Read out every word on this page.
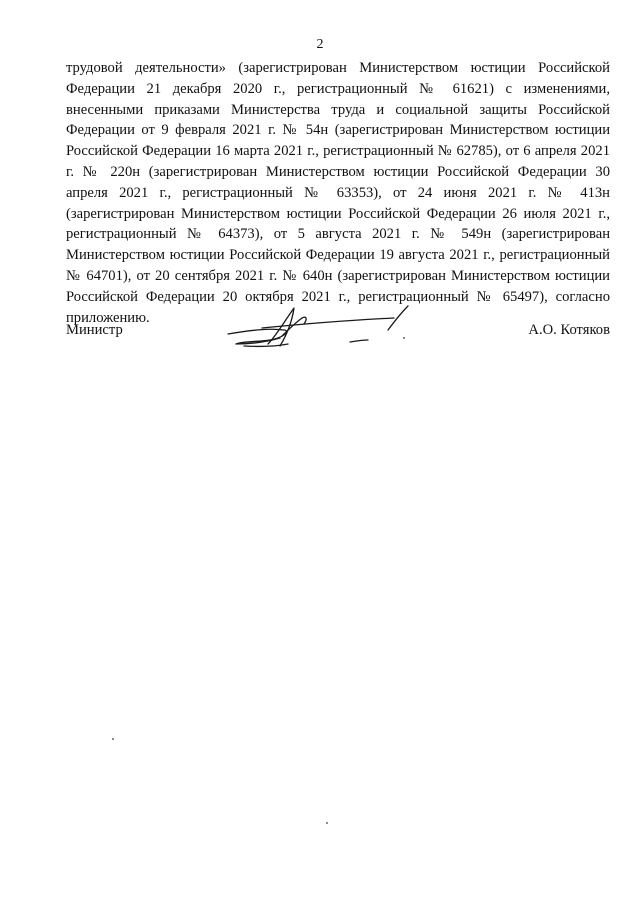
2

трудовой деятельности» (зарегистрирован Министерством юстиции Российской Федерации 21 декабря 2020 г., регистрационный № 61621) с изменениями, внесенными приказами Министерства труда и социальной защиты Российской Федерации от 9 февраля 2021 г. № 54н (зарегистрирован Министерством юстиции Российской Федерации 16 марта 2021 г., регистрационный № 62785), от 6 апреля 2021 г. № 220н (зарегистрирован Министерством юстиции Российской Федерации 30 апреля 2021 г., регистрационный № 63353), от 24 июня 2021 г. № 413н (зарегистрирован Министерством юстиции Российской Федерации 26 июля 2021 г., регистрационный № 64373), от 5 августа 2021 г. № 549н (зарегистрирован Министерством юстиции Российской Федерации 19 августа 2021 г., регистрационный № 64701), от 20 сентября 2021 г. № 640н (зарегистрирован Министерством юстиции Российской Федерации 20 октября 2021 г., регистрационный № 65497), согласно приложению.

Министр	А.О. Котяков
